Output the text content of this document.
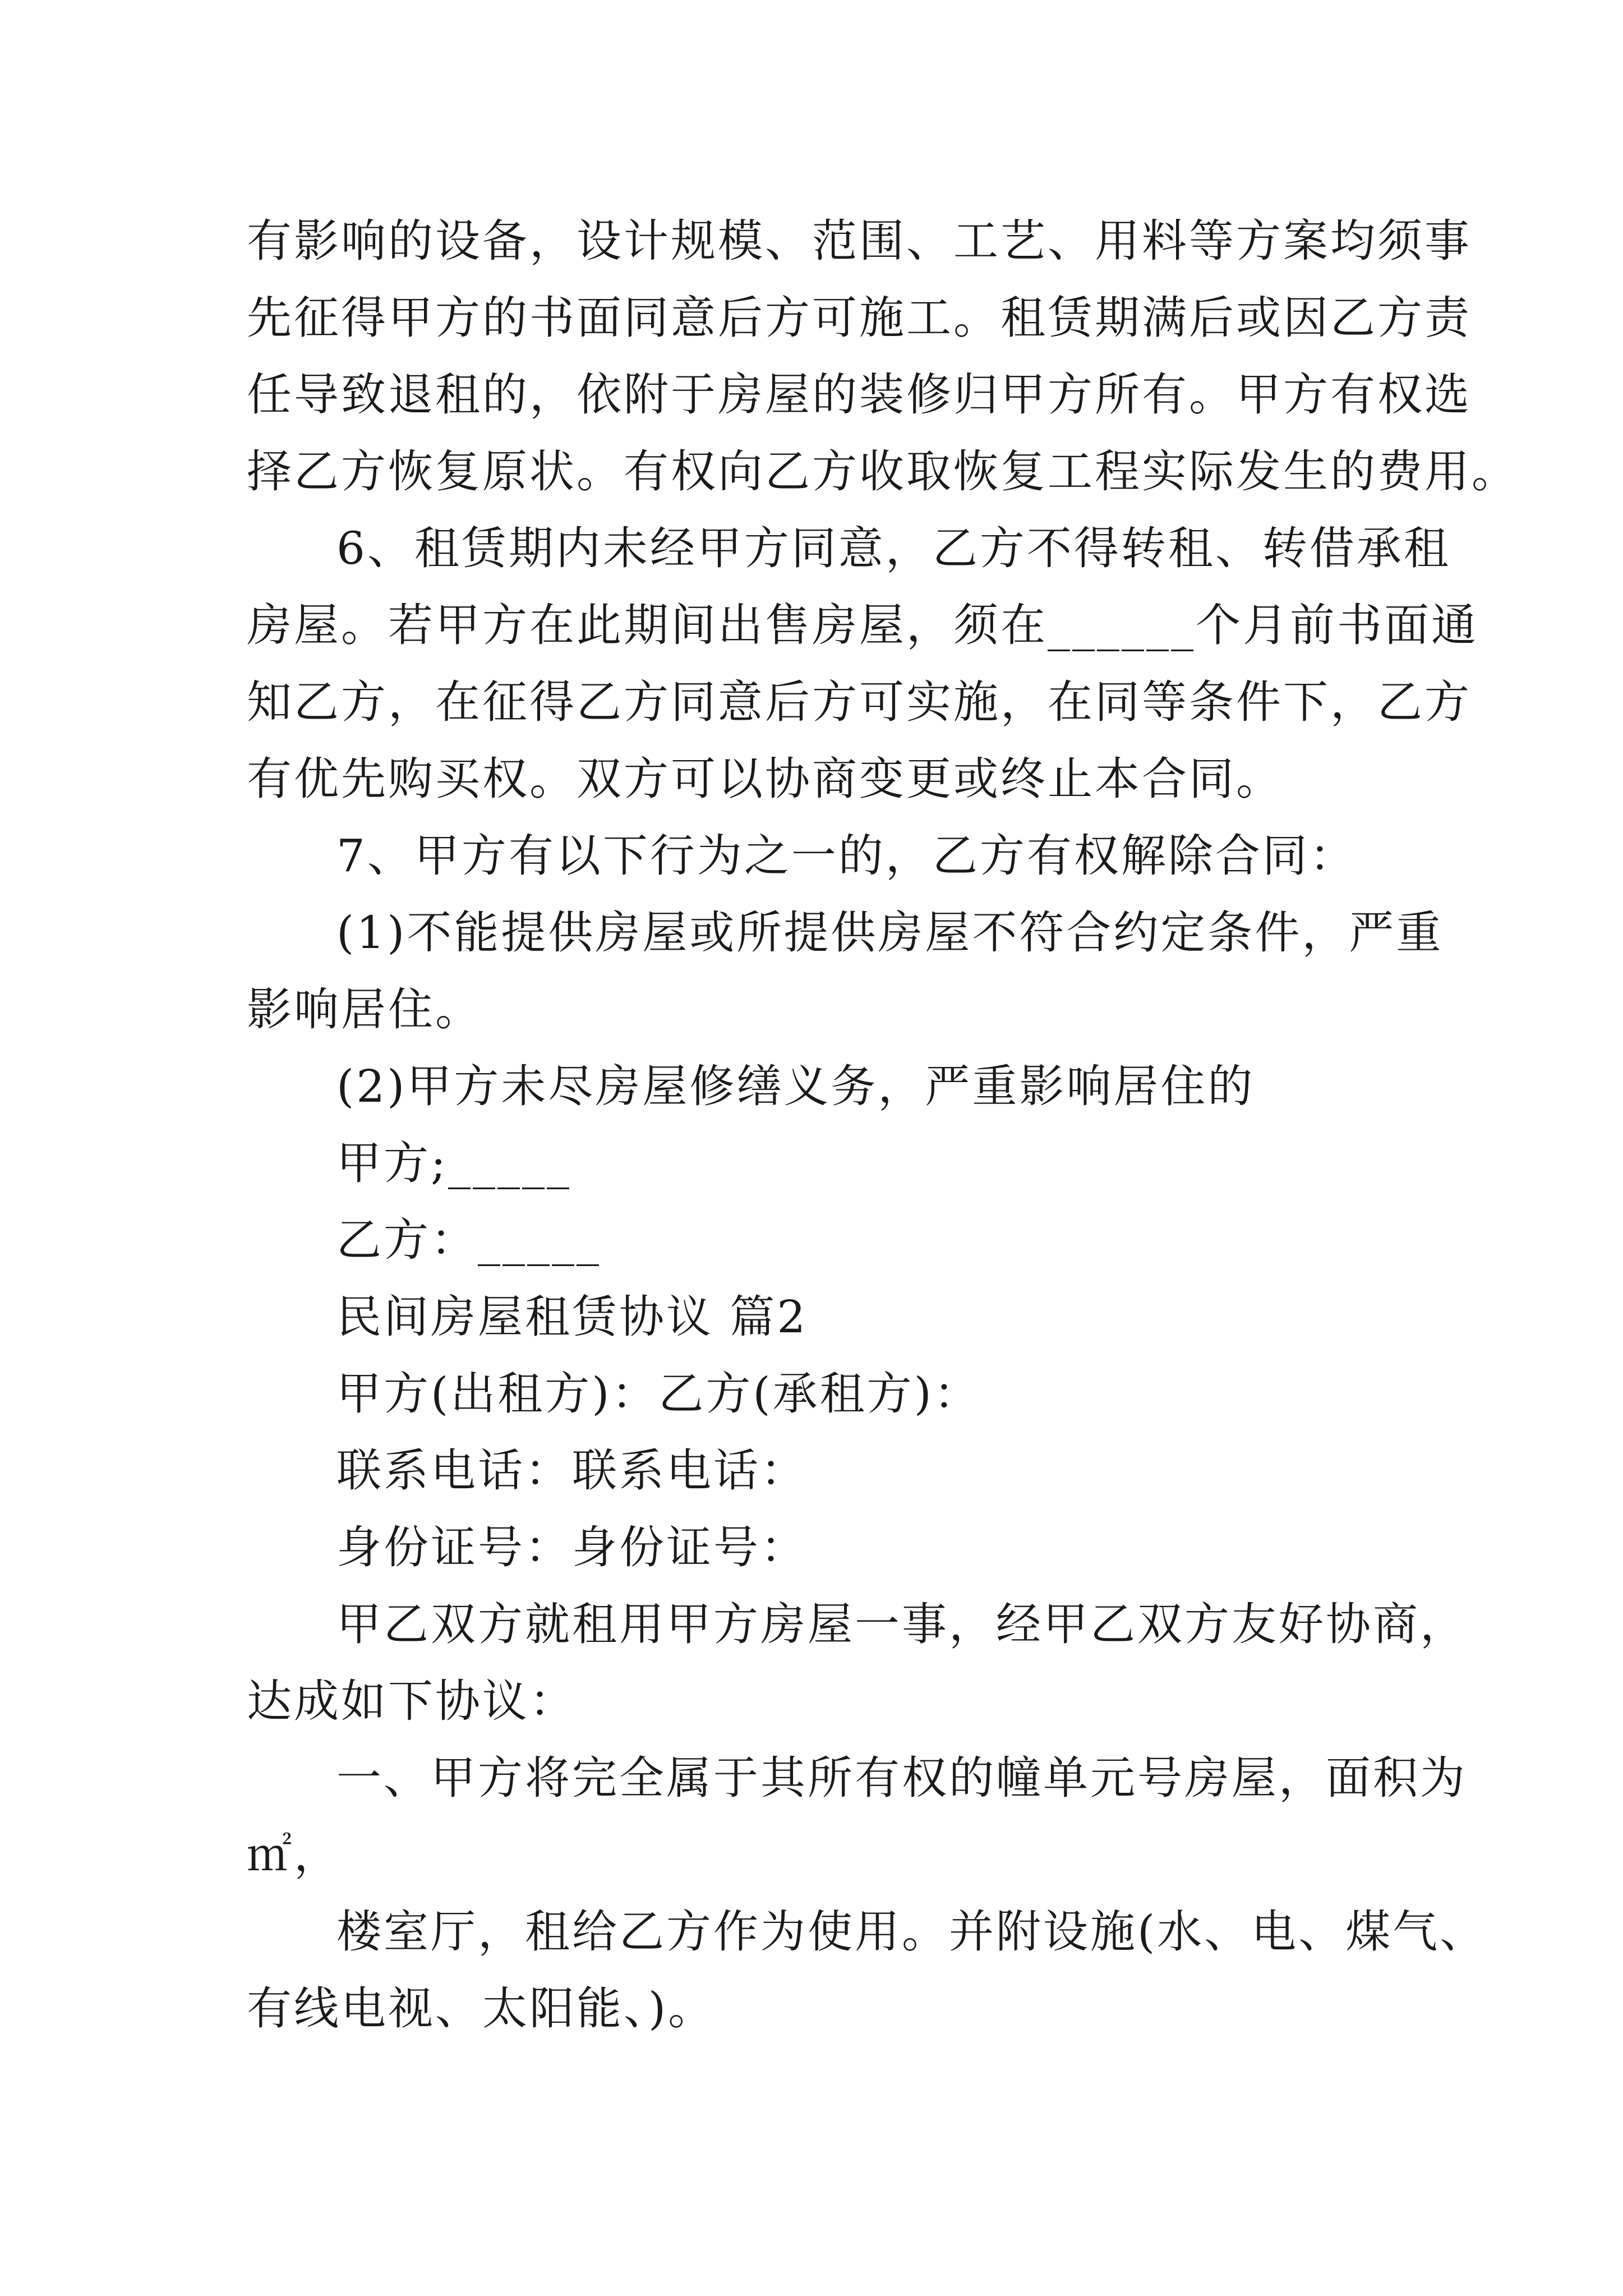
有影响的设备，设计规模、范围、工艺、用料等方案均须事
先征得甲方的书面同意后方可施工。租赁期满后或因乙方责
任导致退租的，依附于房屋的装修归甲方所有。甲方有权选
择乙方恢复原状。有权向乙方收取恢复工程实际发生的费用。
6、租赁期内未经甲方同意，乙方不得转租、转借承租
房屋。若甲方在此期间出售房屋，须在______个月前书面通
知乙方，在征得乙方同意后方可实施，在同等条件下，乙方
有优先购买权。双方可以协商变更或终止本合同。
7、甲方有以下行为之一的，乙方有权解除合同：
(1)不能提供房屋或所提供房屋不符合约定条件，严重
影响居住。
(2)甲方未尽房屋修缮义务，严重影响居住的
甲方;_____
乙方：_____
民间房屋租赁协议 篇2
甲方(出租方)：乙方(承租方)：
联系电话：联系电话：
身份证号：身份证号：
甲乙双方就租用甲方房屋一事，经甲乙双方友好协商，
达成如下协议：
一、甲方将完全属于其所有权的幢单元号房屋，面积为
㎡，
楼室厅，租给乙方作为使用。并附设施(水、电、煤气、
有线电视、太阳能、)。
